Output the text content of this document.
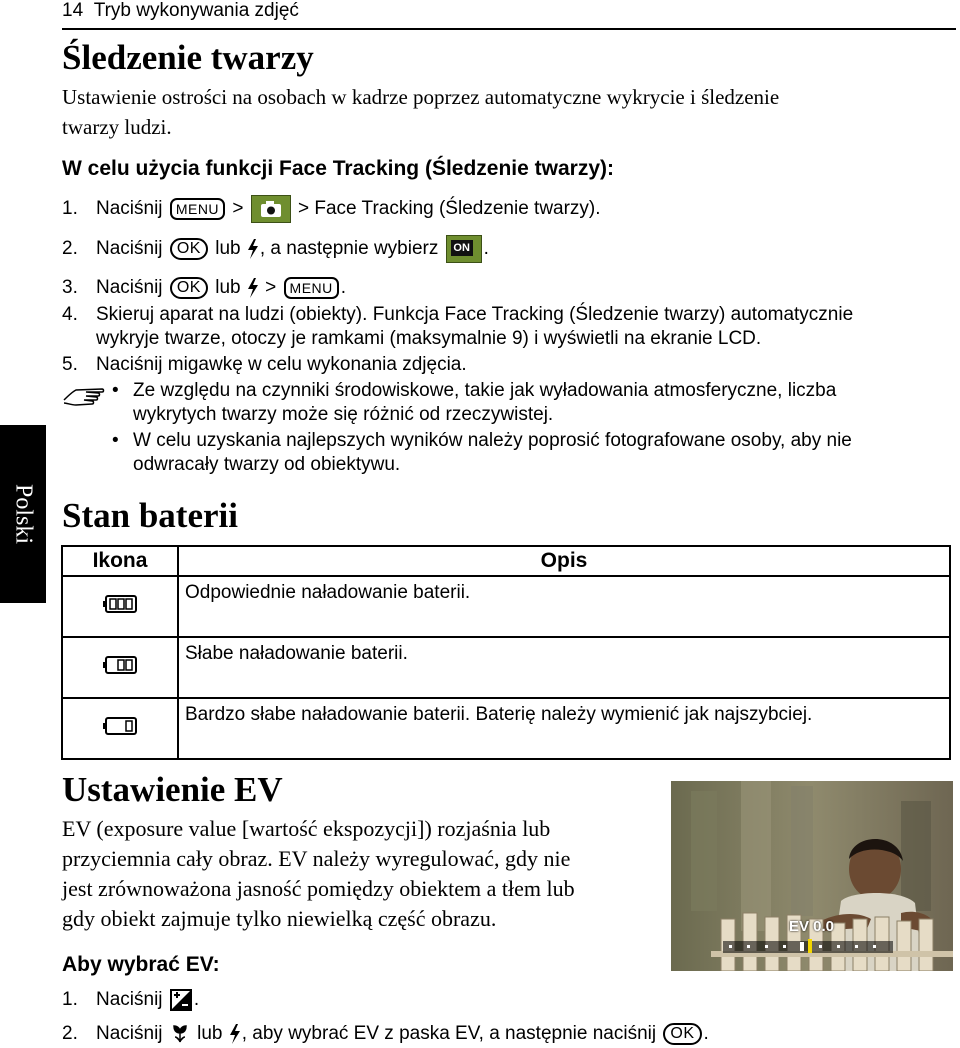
14 Tryb wykonywania zdjęć
Polski
Śledzenie twarzy
Ustawienie ostrości na osobach w kadrze poprzez automatyczne wykrycie i śledzenie
twarzy ludzi.
W celu użycia funkcji Face Tracking (Śledzenie twarzy):
1. Naciśnij MENU >	> Face Tracking (Śledzenie twarzy).
2. Naciśnij OK lub , a następnie wybierz ON .
3. Naciśnij OK lub > MENU .
4. Skieruj aparat na ludzi (obiekty). Funkcja Face Tracking (Śledzenie twarzy) automatycznie
wykryje twarze, otoczy je ramkami (maksymalnie 9) i wyświetli na ekranie LCD.
5. Naciśnij migawkę w celu wykonania zdjęcia.
• Ze względu na czynniki środowiskowe, takie jak wyładowania atmosferyczne, liczba
wykrytych twarzy może się różnić od rzeczywistej.
• W celu uzyskania najlepszych wyników należy poprosić fotografowane osoby, aby nie
odwracały twarzy od obiektywu.
Stan baterii
Ikona	Opis
	Odpowiednie naładowanie baterii.
	Słabe naładowanie baterii.
	Bardzo słabe naładowanie baterii. Baterię należy wymienić jak najszybciej.
Ustawienie EV
EV (exposure value [wartość ekspozycji]) rozjaśnia lub
przyciemnia cały obraz. EV należy wyregulować, gdy nie
jest zrównoważona jasność pomiędzy obiektem a tłem lub
gdy obiekt zajmuje tylko niewielką część obrazu.
Aby wybrać EV:
1. Naciśnij .
2. Naciśnij lub , aby wybrać EV z paska EV, a następnie naciśnij OK .
EV 0.0
